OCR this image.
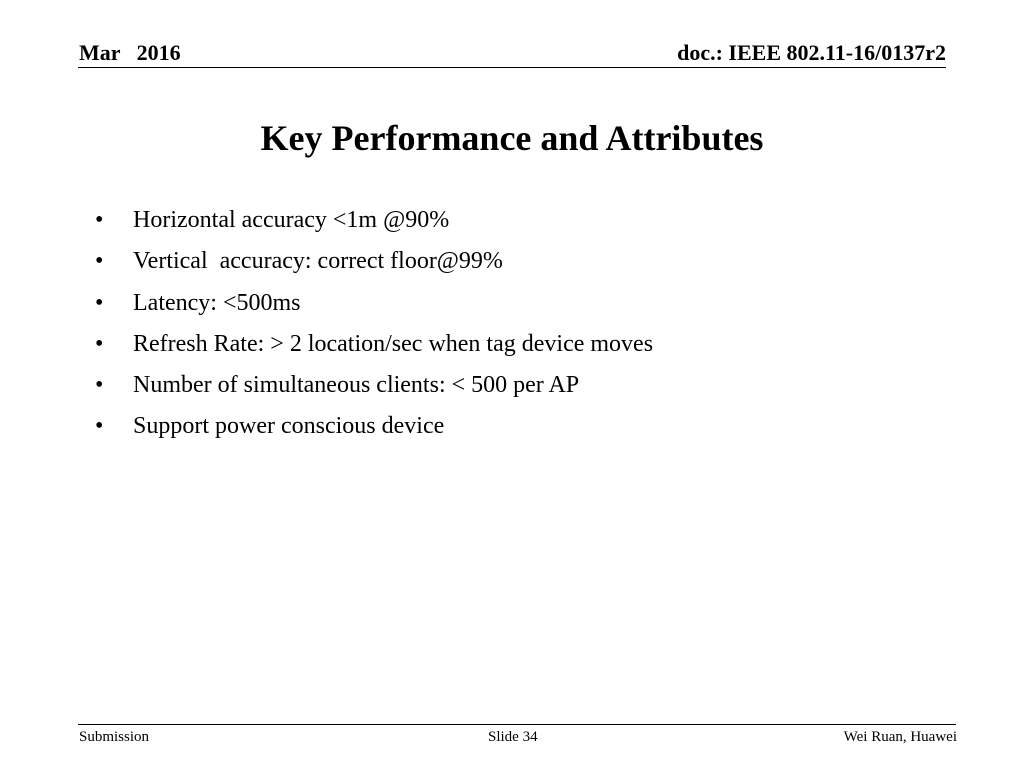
Mar   2016	doc.: IEEE 802.11-16/0137r2
Key Performance and Attributes
•	Horizontal accuracy <1m @90%
•	Vertical  accuracy: correct floor@99%
•	Latency: <500ms
•	Refresh Rate: > 2 location/sec when tag device moves
•	Number of simultaneous clients: < 500 per AP
•	Support power conscious device
Submission	Slide 34	Wei Ruan, Huawei
